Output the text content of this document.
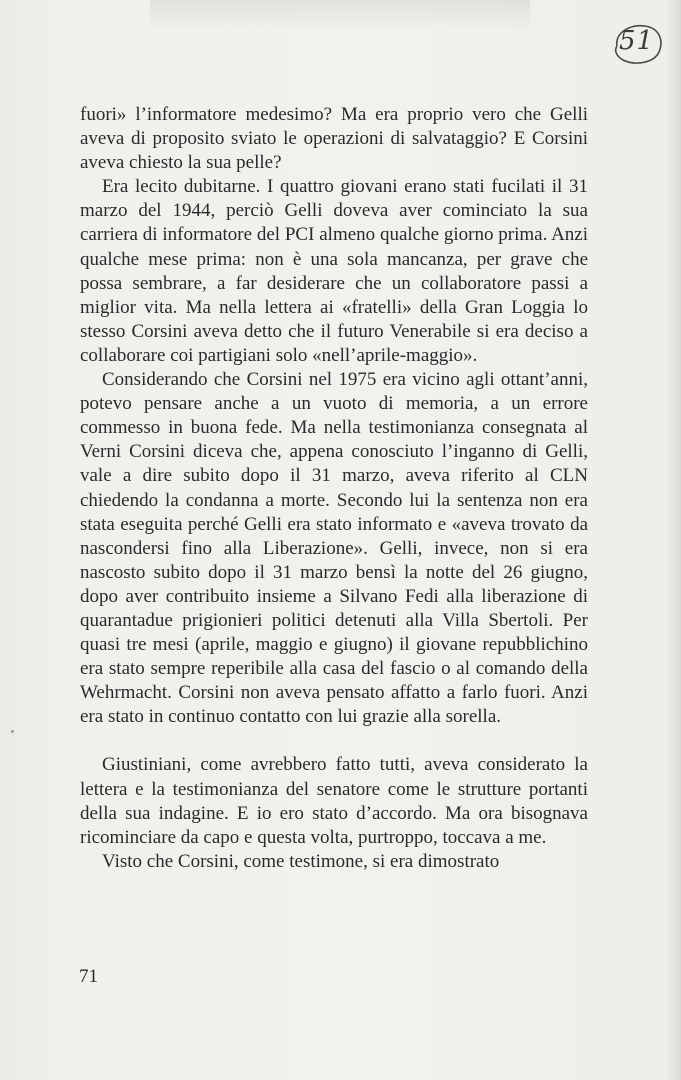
51

fuori» l’informatore medesimo? Ma era proprio vero che Gelli aveva di proposito sviato le operazioni di salvataggio? E Corsini aveva chiesto la sua pelle?

Era lecito dubitarne. I quattro giovani erano stati fucilati il 31 marzo del 1944, perciò Gelli doveva aver cominciato la sua carriera di informatore del PCI almeno qualche giorno prima. Anzi qualche mese prima: non è una sola mancanza, per grave che possa sembrare, a far desiderare che un collaboratore passi a miglior vita. Ma nella lettera ai «fratelli» della Gran Loggia lo stesso Corsini aveva detto che il futuro Venerabile si era deciso a collaborare coi partigiani solo «nell’aprile-maggio».

Considerando che Corsini nel 1975 era vicino agli ottant’anni, potevo pensare anche a un vuoto di memoria, a un errore commesso in buona fede. Ma nella testimonianza consegnata al Verni Corsini diceva che, appena conosciuto l’inganno di Gelli, vale a dire subito dopo il 31 marzo, aveva riferito al CLN chiedendo la condanna a morte. Secondo lui la sentenza non era stata eseguita perché Gelli era stato informato e «aveva trovato da nascondersi fino alla Liberazione». Gelli, invece, non si era nascosto subito dopo il 31 marzo bensì la notte del 26 giugno, dopo aver contribuito insieme a Silvano Fedi alla liberazione di quarantadue prigionieri politici detenuti alla Villa Sbertoli. Per quasi tre mesi (aprile, maggio e giugno) il giovane repubblichino era stato sempre reperibile alla casa del fascio o al comando della Wehrmacht. Corsini non aveva pensato affatto a farlo fuori. Anzi era stato in continuo contatto con lui grazie alla sorella.

Giustiniani, come avrebbero fatto tutti, aveva considerato la lettera e la testimonianza del senatore come le strutture portanti della sua indagine. E io ero stato d’accordo. Ma ora bisognava ricominciare da capo e questa volta, purtroppo, toccava a me.

Visto che Corsini, come testimone, si era dimostrato

71
